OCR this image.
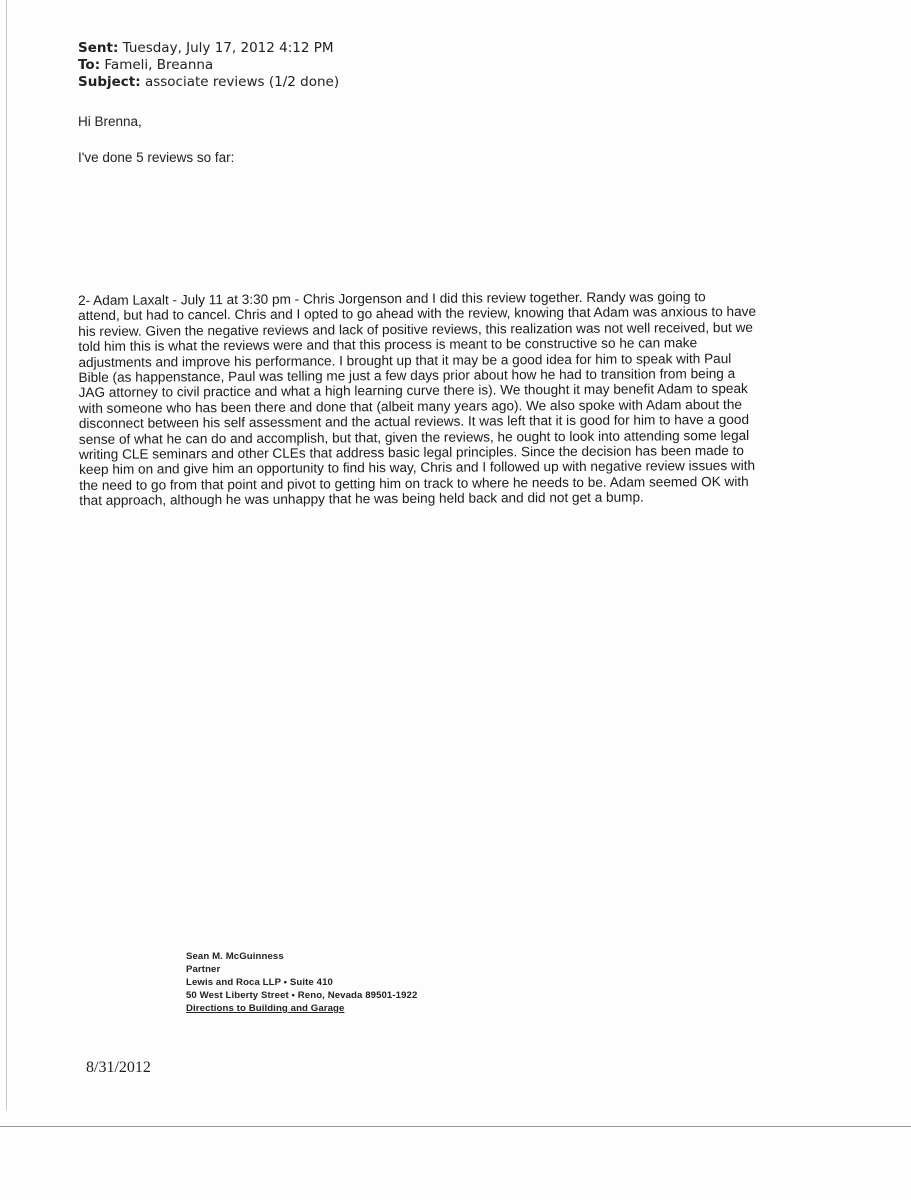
Sent: Tuesday, July 17, 2012 4:12 PM
To: Fameli, Breanna
Subject: associate reviews (1/2 done)
Hi Brenna,
I've done 5 reviews so far:
2- Adam Laxalt - July 11 at 3:30 pm - Chris Jorgenson and I did this review together. Randy was going to
attend, but had to cancel. Chris and I opted to go ahead with the review, knowing that Adam was anxious to have
his review. Given the negative reviews and lack of positive reviews, this realization was not well received, but we
told him this is what the reviews were and that this process is meant to be constructive so he can make
adjustments and improve his performance. I brought up that it may be a good idea for him to speak with Paul
Bible (as happenstance, Paul was telling me just a few days prior about how he had to transition from being a
JAG attorney to civil practice and what a high learning curve there is). We thought it may benefit Adam to speak
with someone who has been there and done that (albeit many years ago). We also spoke with Adam about the
disconnect between his self assessment and the actual reviews. It was left that it is good for him to have a good
sense of what he can do and accomplish, but that, given the reviews, he ought to look into attending some legal
writing CLE seminars and other CLEs that address basic legal principles. Since the decision has been made to
keep him on and give him an opportunity to find his way, Chris and I followed up with negative review issues with
the need to go from that point and pivot to getting him on track to where he needs to be. Adam seemed OK with
that approach, although he was unhappy that he was being held back and did not get a bump.
Sean M. McGuinness
Partner
Lewis and Roca LLP • Suite 410
50 West Liberty Street • Reno, Nevada 89501-1922
Directions to Building and Garage
8/31/2012
